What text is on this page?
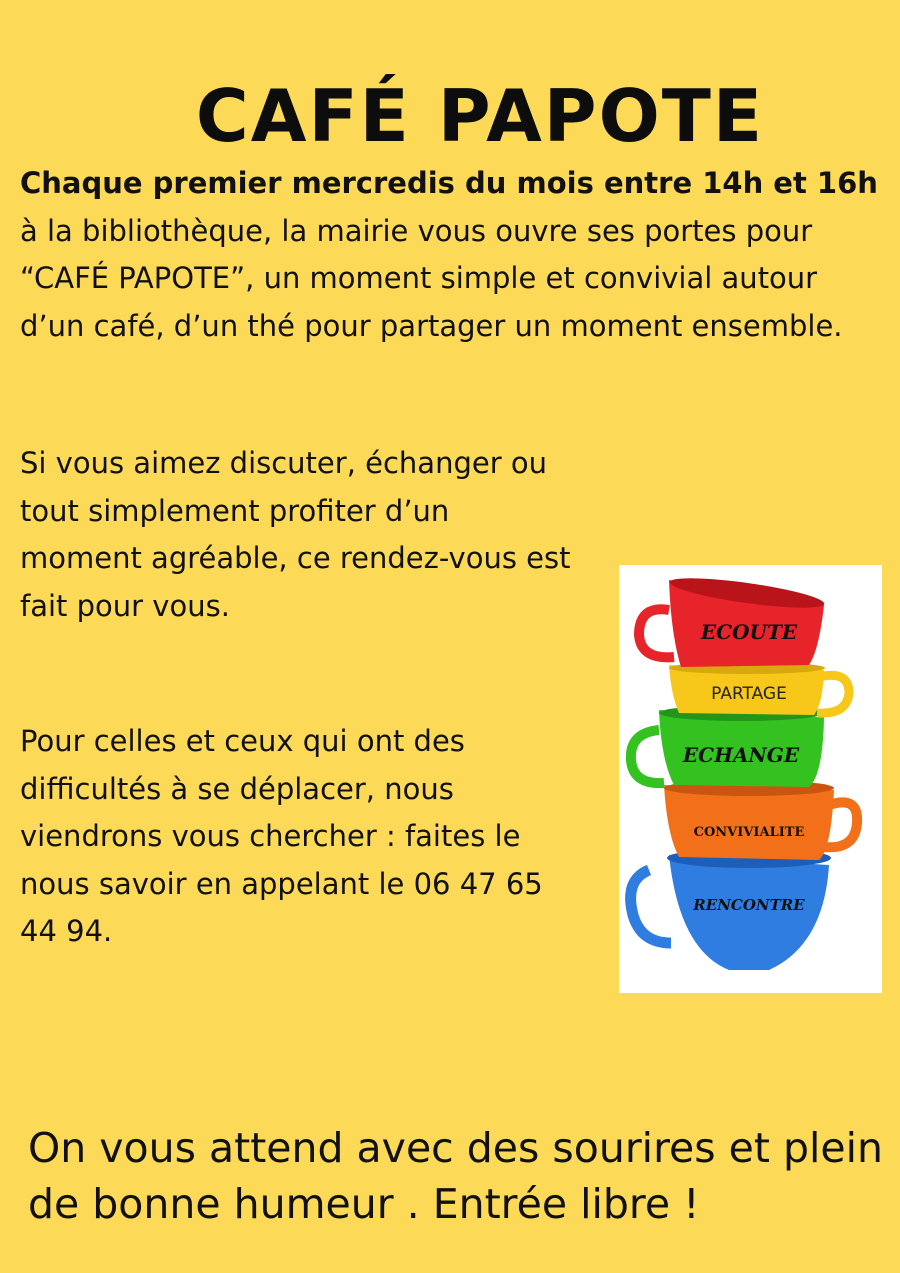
CAFÉ PAPOTE

Chaque premier mercredis du mois entre 14h et 16h à la bibliothèque, la mairie vous ouvre ses portes pour “CAFÉ PAPOTE”, un moment simple et convivial autour d’un café, d’un thé pour partager un moment ensemble.

Si vous aimez discuter, échanger ou tout simplement profiter d’un moment agréable, ce rendez-vous est fait pour vous.

Pour celles et ceux qui ont des difficultés à se déplacer, nous viendrons vous chercher : faites le nous savoir en appelant le 06 47 65 44 94.

RENCONTRE
CONVIVIALITE
ECHANGE
PARTAGE
ECOUTE

On vous attend avec des sourires et plein de bonne humeur . Entrée libre !
